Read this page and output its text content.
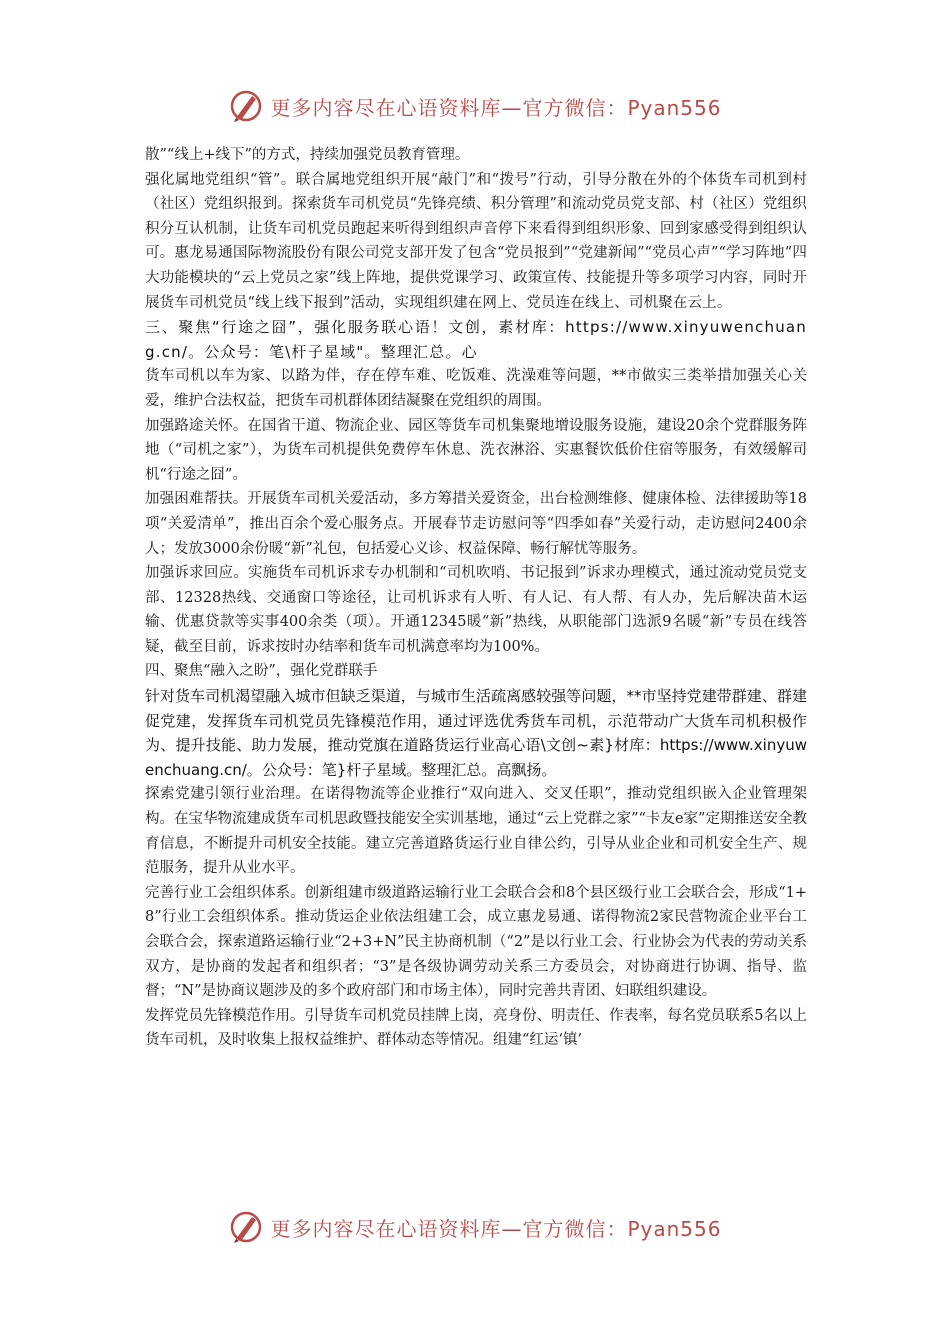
更多内容尽在心语资料库—官方微信：Pyan556

散”“线上+线下”的方式，持续加强党员教育管理。

强化属地党组织“管”。联合属地党组织开展“敲门”和“拨号”行动，引导分散在外的个体货车司机到村（社区）党组织报到。探索货车司机党员“先锋亮绩、积分管理”和流动党员党支部、村（社区）党组织积分互认机制，让货车司机党员跑起来听得到组织声音停下来看得到组织形象、回到家感受得到组织认可。惠龙易通国际物流股份有限公司党支部开发了包含“党员报到”“党建新闻”“党员心声”“学习阵地”四大功能模块的“云上党员之家”线上阵地，提供党课学习、政策宣传、技能提升等多项学习内容，同时开展货车司机党员“线上线下报到”活动，实现组织建在网上、党员连在线上、司机聚在云上。

三、聚焦“行途之囧”，强化服务联心语！文创，素材库：https://www.xinyuwenchuang.cn/。公众号：笔\杆子星域"。整理汇总。心

货车司机以车为家、以路为伴，存在停车难、吃饭难、洗澡难等问题，**市做实三类举措加强关心关爱，维护合法权益，把货车司机群体团结凝聚在党组织的周围。

加强路途关怀。在国省干道、物流企业、园区等货车司机集聚地增设服务设施，建设20余个党群服务阵地（“司机之家”），为货车司机提供免费停车休息、洗衣淋浴、实惠餐饮低价住宿等服务，有效缓解司机“行途之囧”。

加强困难帮扶。开展货车司机关爱活动，多方筹措关爱资金，出台检测维修、健康体检、法律援助等18项“关爱清单”，推出百余个爱心服务点。开展春节走访慰问等“四季如春”关爱行动，走访慰问2400余人；发放3000余份暖“新”礼包，包括爱心义诊、权益保障、畅行解忧等服务。

加强诉求回应。实施货车司机诉求专办机制和“司机吹哨、书记报到”诉求办理模式，通过流动党员党支部、12328热线、交通窗口等途径，让司机诉求有人听、有人记、有人帮、有人办，先后解决苗木运输、优惠贷款等实事400余类（项）。开通12345暖“新”热线，从职能部门选派9名暖“新”专员在线答疑，截至目前，诉求按时办结率和货车司机满意率均为100%。

四、聚焦“融入之盼”，强化党群联手

针对货车司机渴望融入城市但缺乏渠道，与城市生活疏离感较强等问题，**市坚持党建带群建、群建促党建，发挥货车司机党员先锋模范作用，通过评选优秀货车司机，示范带动广大货车司机积极作为、提升技能、助力发展，推动党旗在道路货运行业高心语\文创~素}材库：https://www.xinyuwenchuang.cn/。公众号：笔}杆子星域。整理汇总。高飘扬。

探索党建引领行业治理。在诺得物流等企业推行“双向进入、交叉任职”，推动党组织嵌入企业管理架构。在宝华物流建成货车司机思政暨技能安全实训基地，通过“云上党群之家”“卡友e家”定期推送安全教育信息，不断提升司机安全技能。建立完善道路货运行业自律公约，引导从业企业和司机安全生产、规范服务，提升从业水平。

完善行业工会组织体系。创新组建市级道路运输行业工会联合会和8个县区级行业工会联合会，形成“1+8”行业工会组织体系。推动货运企业依法组建工会，成立惠龙易通、诺得物流2家民营物流企业平台工会联合会，探索道路运输行业“2+3+N”民主协商机制（“2”是以行业工会、行业协会为代表的劳动关系双方，是协商的发起者和组织者；“3”是各级协调劳动关系三方委员会，对协商进行协调、指导、监督；“N”是协商议题涉及的多个政府部门和市场主体），同时完善共青团、妇联组织建设。

发挥党员先锋模范作用。引导货车司机党员挂牌上岗，亮身份、明责任、作表率，每名党员联系5名以上货车司机，及时收集上报权益维护、群体动态等情况。组建“红运‘镇’

更多内容尽在心语资料库—官方微信：Pyan556
